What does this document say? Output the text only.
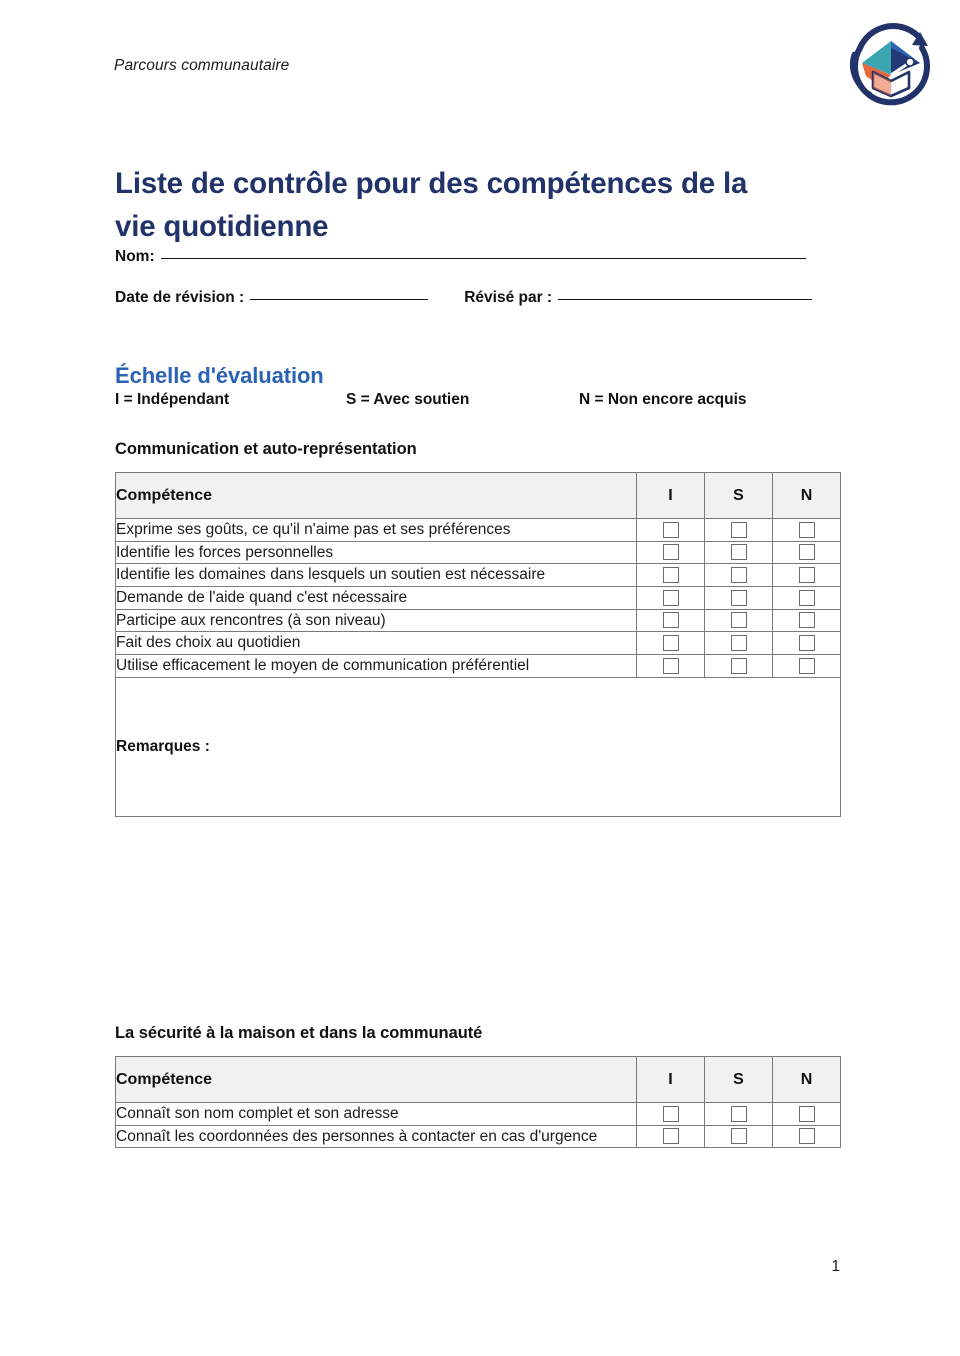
Parcours communautaire
Liste de contrôle pour des compétences de la vie quotidienne
Nom:
Date de révision :	Révisé par :
Échelle d'évaluation
I = Indépendant	S = Avec soutien	N = Non encore acquis
Communication et auto-représentation
Compétence	I	S	N
Exprime ses goûts, ce qu'il n'aime pas et ses préférences			
Identifie les forces personnelles			
Identifie les domaines dans lesquels un soutien est nécessaire			
Demande de l'aide quand c'est nécessaire			
Participe aux rencontres (à son niveau)			
Fait des choix au quotidien			
Utilise efficacement le moyen de communication préférentiel			
Remarques :			
La sécurité à la maison et dans la communauté
Compétence	I	S	N
Connaît son nom complet et son adresse			
Connaît les coordonnées des personnes à contacter en cas d'urgence			
1
